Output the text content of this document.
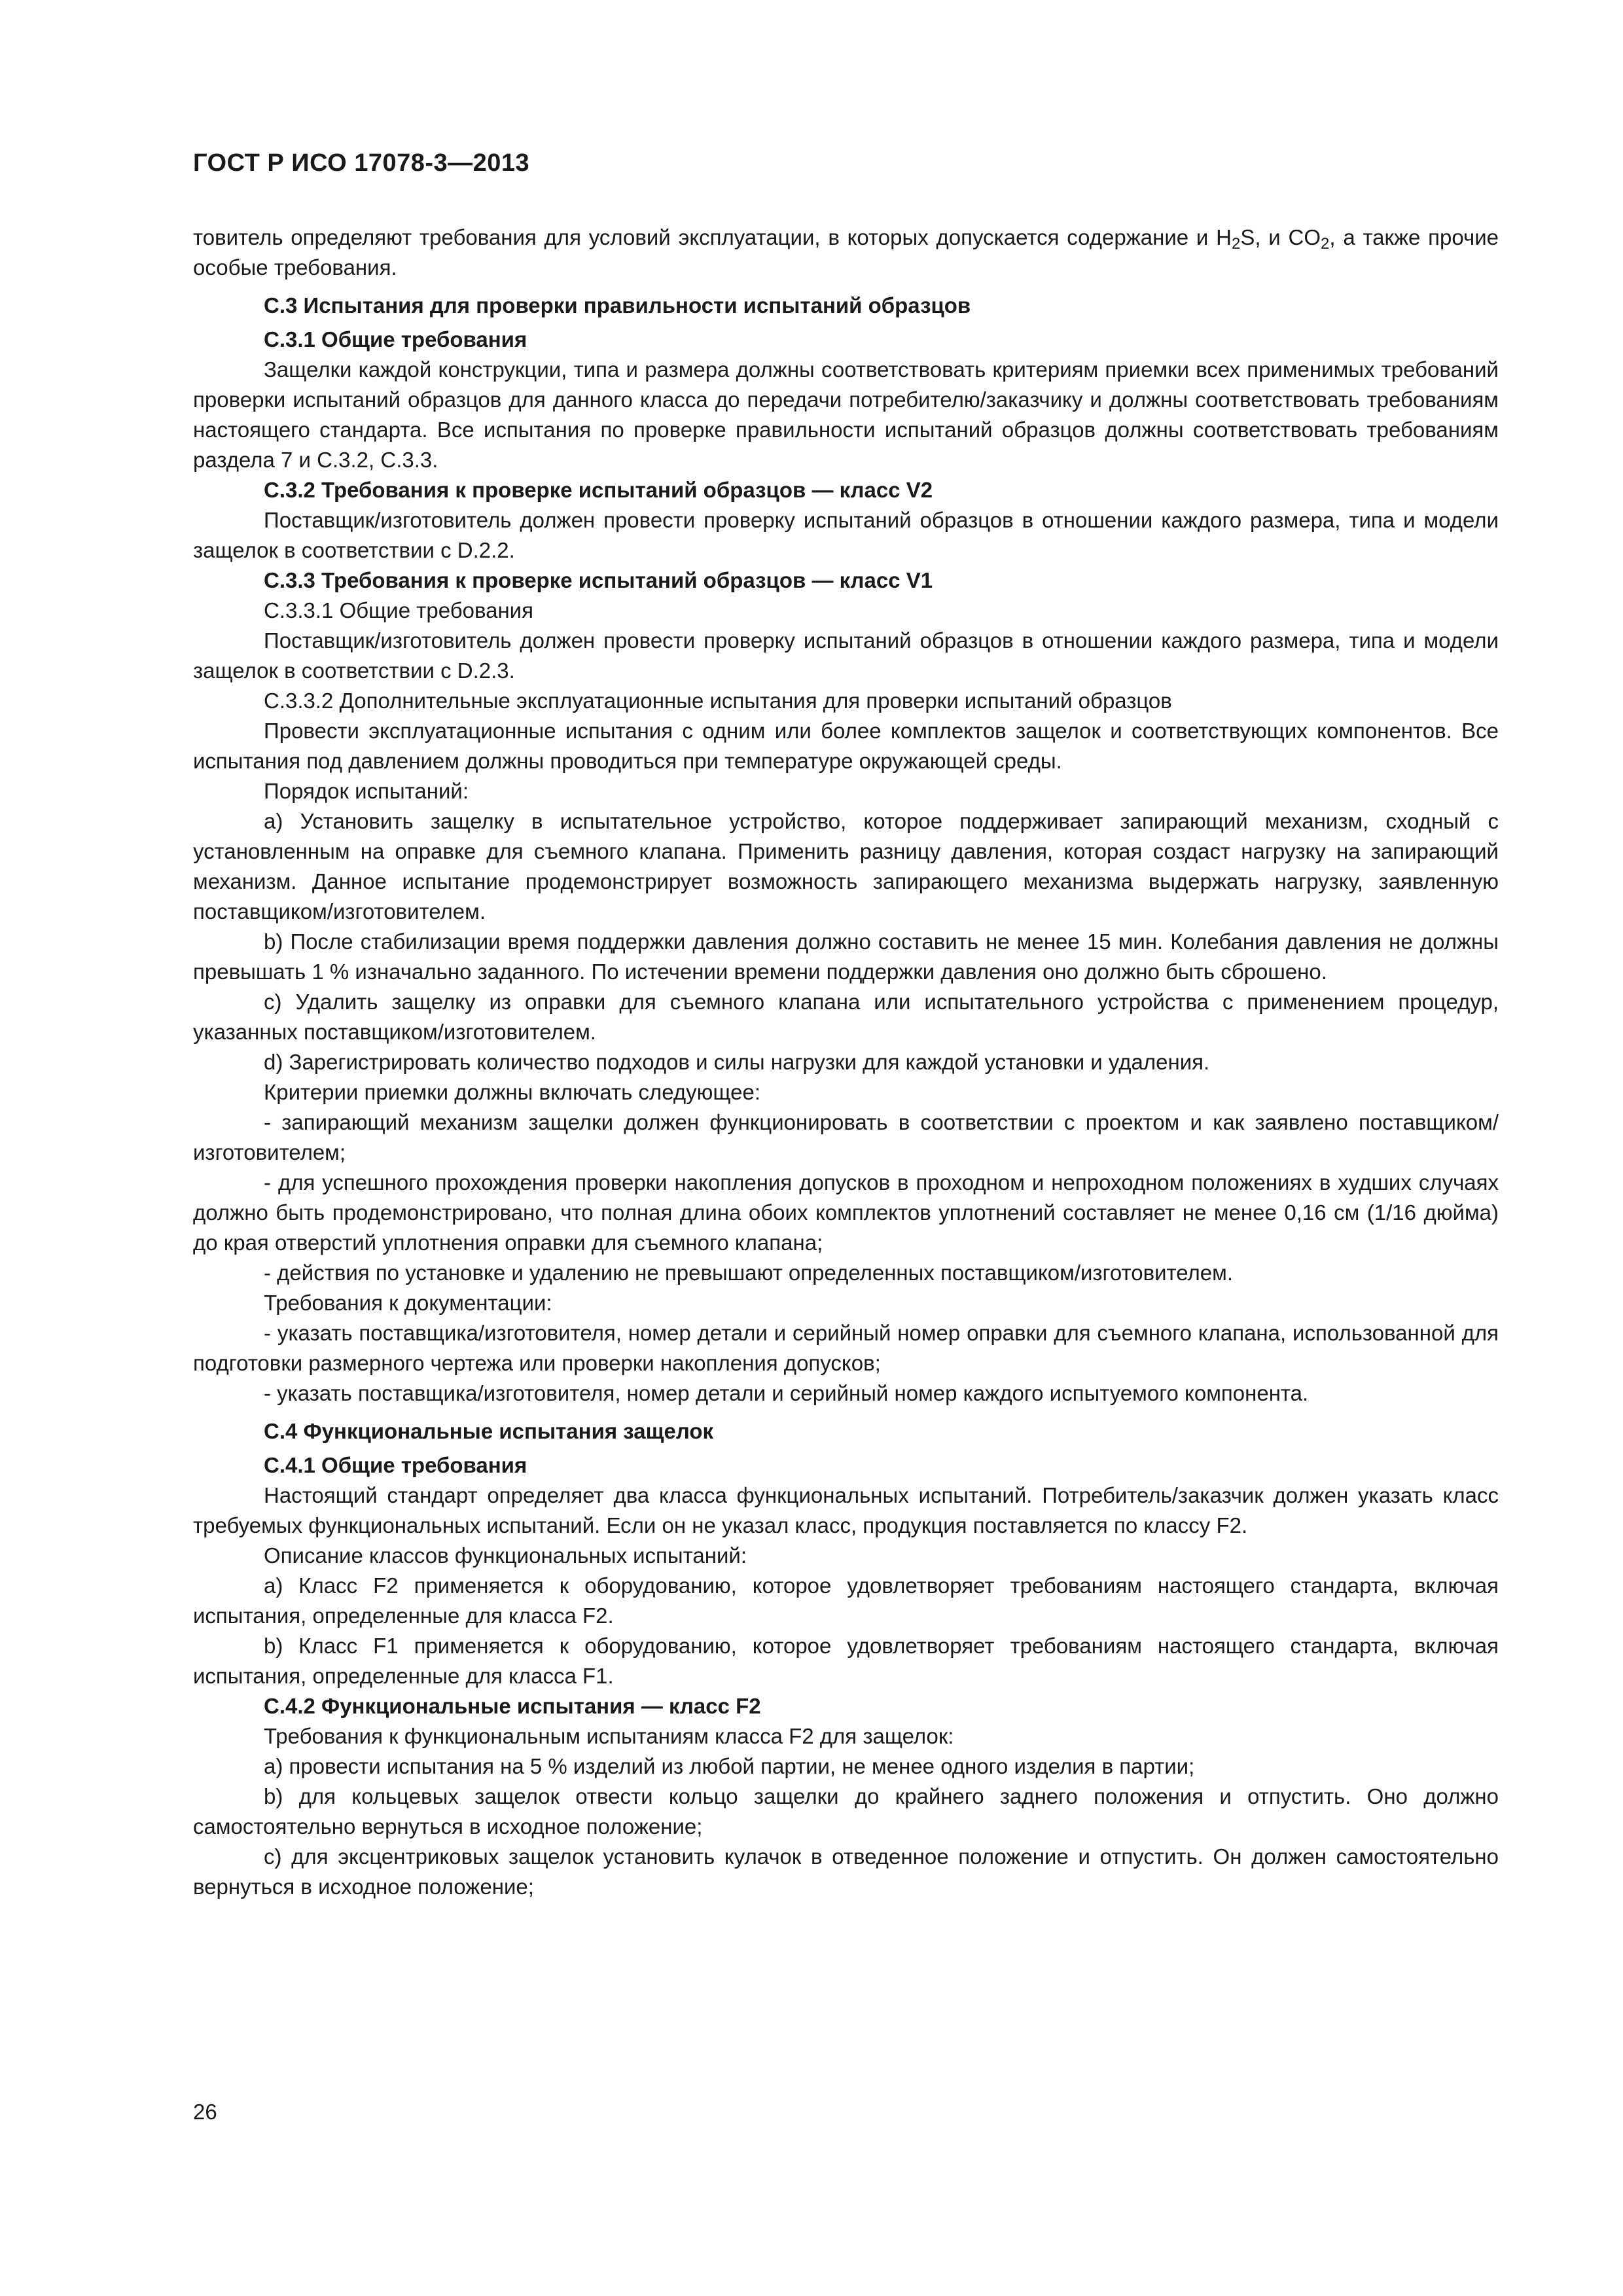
ГОСТ Р ИСО 17078-3—2013

товитель определяют требования для условий эксплуатации, в которых допускается содержание и $H_2S$, и $CO_2$, а также прочие особые требования.

С.3 Испытания для проверки правильности испытаний образцов

С.3.1 Общие требования

Защелки каждой конструкции, типа и размера должны соответствовать критериям приемки всех применимых требований проверки испытаний образцов для данного класса до передачи потребителю/заказчику и должны соответствовать требованиям настоящего стандарта. Все испытания по проверке правильности испытаний образцов должны соответствовать требованиям раздела 7 и С.3.2, С.3.3.

С.3.2 Требования к проверке испытаний образцов — класс V2

Поставщик/изготовитель должен провести проверку испытаний образцов в отношении каждого размера, типа и модели защелок в соответствии с D.2.2.

С.3.3 Требования к проверке испытаний образцов — класс V1

С.3.3.1 Общие требования

Поставщик/изготовитель должен провести проверку испытаний образцов в отношении каждого размера, типа и модели защелок в соответствии с D.2.3.

С.3.3.2 Дополнительные эксплуатационные испытания для проверки испытаний образцов

Провести эксплуатационные испытания с одним или более комплектов защелок и соответствующих компонентов. Все испытания под давлением должны проводиться при температуре окружающей среды.

Порядок испытаний:

a) Установить защелку в испытательное устройство, которое поддерживает запирающий механизм, сходный с установленным на оправке для съемного клапана. Применить разницу давления, которая создаст нагрузку на запирающий механизм. Данное испытание продемонстрирует возможность запирающего механизма выдержать нагрузку, заявленную поставщиком/изготовителем.

b) После стабилизации время поддержки давления должно составить не менее 15 мин. Колебания давления не должны превышать 1 % изначально заданного. По истечении времени поддержки давления оно должно быть сброшено.

c) Удалить защелку из оправки для съемного клапана или испытательного устройства с применением процедур, указанных поставщиком/изготовителем.

d) Зарегистрировать количество подходов и силы нагрузки для каждой установки и удаления.

Критерии приемки должны включать следующее:

- запирающий механизм защелки должен функционировать в соответствии с проектом и как заявлено поставщиком/изготовителем;

- для успешного прохождения проверки накопления допусков в проходном и непроходном положениях в худших случаях должно быть продемонстрировано, что полная длина обоих комплектов уплотнений составляет не менее 0,16 см (1/16 дюйма) до края отверстий уплотнения оправки для съемного клапана;

- действия по установке и удалению не превышают определенных поставщиком/изготовителем.

Требования к документации:

- указать поставщика/изготовителя, номер детали и серийный номер оправки для съемного клапана, использованной для подготовки размерного чертежа или проверки накопления допусков;

- указать поставщика/изготовителя, номер детали и серийный номер каждого испытуемого компонента.

С.4 Функциональные испытания защелок

С.4.1 Общие требования

Настоящий стандарт определяет два класса функциональных испытаний. Потребитель/заказчик должен указать класс требуемых функциональных испытаний. Если он не указал класс, продукция поставляется по классу F2.

Описание классов функциональных испытаний:

a) Класс F2 применяется к оборудованию, которое удовлетворяет требованиям настоящего стандарта, включая испытания, определенные для класса F2.

b) Класс F1 применяется к оборудованию, которое удовлетворяет требованиям настоящего стандарта, включая испытания, определенные для класса F1.

С.4.2 Функциональные испытания — класс F2

Требования к функциональным испытаниям класса F2 для защелок:

a) провести испытания на 5 % изделий из любой партии, не менее одного изделия в партии;

b) для кольцевых защелок отвести кольцо защелки до крайнего заднего положения и отпустить. Оно должно самостоятельно вернуться в исходное положение;

c) для эксцентриковых защелок установить кулачок в отведенное положение и отпустить. Он должен самостоятельно вернуться в исходное положение;

26
